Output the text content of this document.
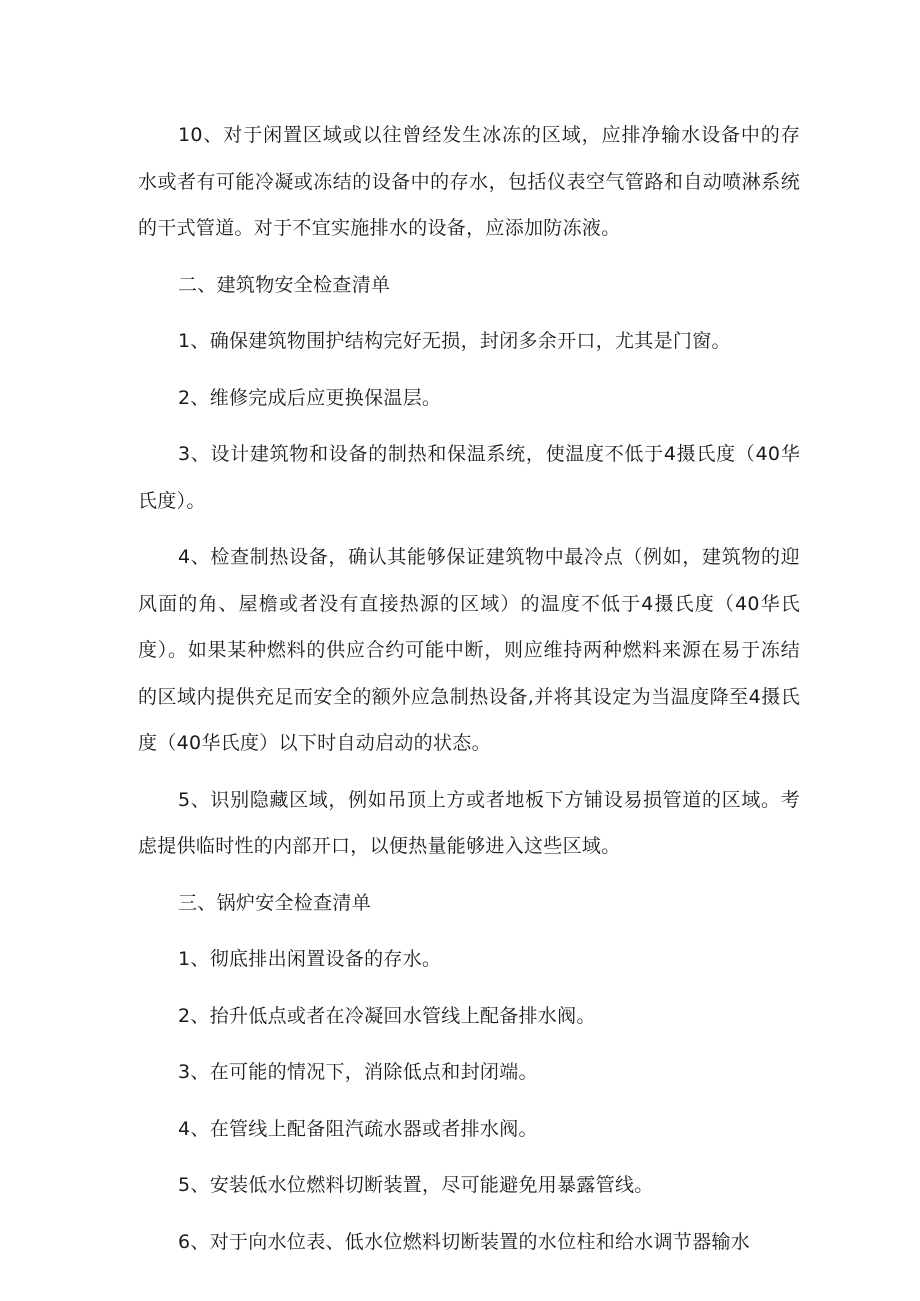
10、对于闲置区域或以往曾经发生冰冻的区域，应排净输水设备中的存水或者有可能冷凝或冻结的设备中的存水，包括仪表空气管路和自动喷淋系统的干式管道。对于不宜实施排水的设备，应添加防冻液。

二、建筑物安全检查清单

1、确保建筑物围护结构完好无损，封闭多余开口，尤其是门窗。

2、维修完成后应更换保温层。

3、设计建筑物和设备的制热和保温系统，使温度不低于4摄氏度（40华氏度）。

4、检查制热设备，确认其能够保证建筑物中最冷点（例如，建筑物的迎风面的角、屋檐或者没有直接热源的区域）的温度不低于4摄氏度（40华氏度）。如果某种燃料的供应合约可能中断，则应维持两种燃料来源在易于冻结的区域内提供充足而安全的额外应急制热设备,并将其设定为当温度降至4摄氏度（40华氏度）以下时自动启动的状态。

5、识别隐藏区域，例如吊顶上方或者地板下方铺设易损管道的区域。考虑提供临时性的内部开口，以便热量能够进入这些区域。

三、锅炉安全检查清单

1、彻底排出闲置设备的存水。

2、抬升低点或者在冷凝回水管线上配备排水阀。

3、在可能的情况下，消除低点和封闭端。

4、在管线上配备阻汽疏水器或者排水阀。

5、安装低水位燃料切断装置，尽可能避免用暴露管线。

6、对于向水位表、低水位燃料切断装置的水位柱和给水调节器输水
